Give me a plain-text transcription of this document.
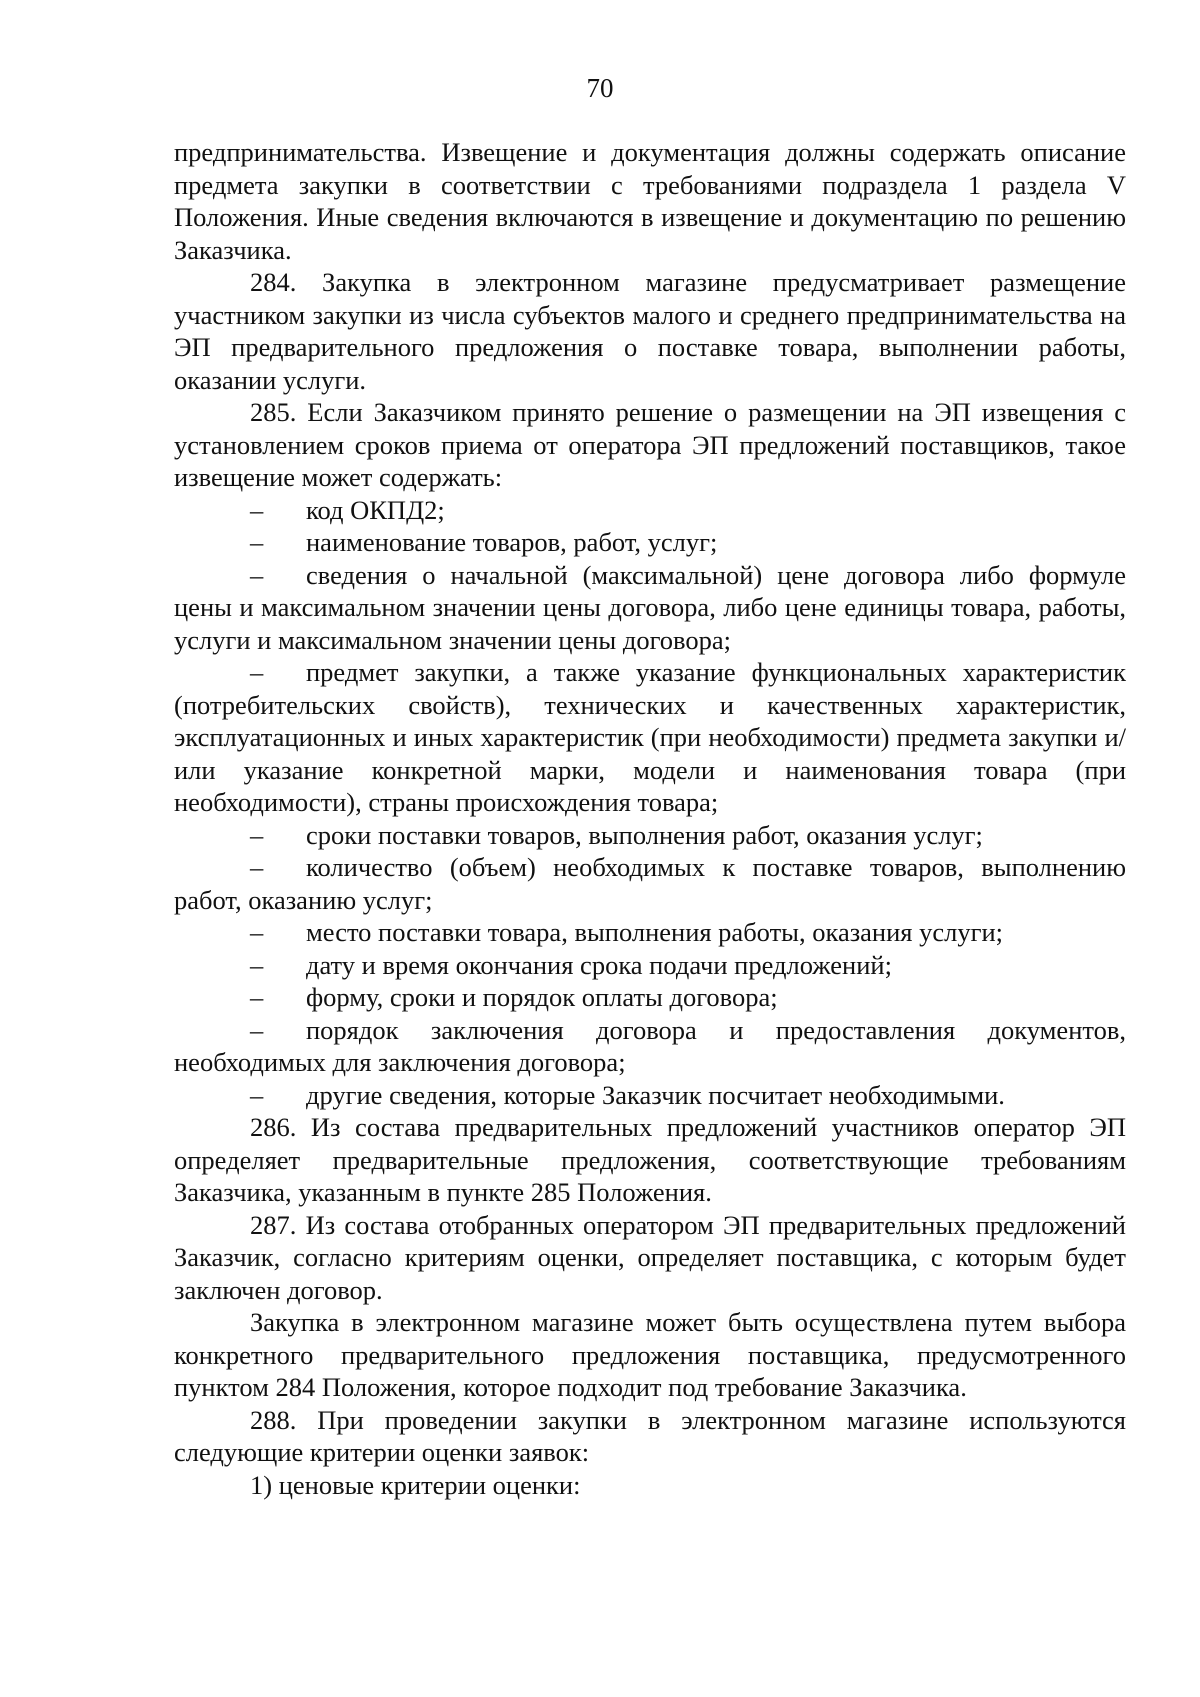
70

предпринимательства. Извещение и документация должны содержать описание предмета закупки в соответствии с требованиями подраздела 1 раздела V Положения. Иные сведения включаются в извещение и документацию по решению Заказчика.

284. Закупка в электронном магазине предусматривает размещение участником закупки из числа субъектов малого и среднего предпринимательства на ЭП предварительного предложения о поставке товара, выполнении работы, оказании услуги.

285. Если Заказчиком принято решение о размещении на ЭП извещения с установлением сроков приема от оператора ЭП предложений поставщиков, такое извещение может содержать:

– код ОКПД2;

– наименование товаров, работ, услуг;

– сведения о начальной (максимальной) цене договора либо формуле цены и максимальном значении цены договора, либо цене единицы товара, работы, услуги и максимальном значении цены договора;

– предмет закупки, а также указание функциональных характеристик (потребительских свойств), технических и качественных характеристик, эксплуатационных и иных характеристик (при необходимости) предмета закупки и/или указание конкретной марки, модели и наименования товара (при необходимости), страны происхождения товара;

– сроки поставки товаров, выполнения работ, оказания услуг;

– количество (объем) необходимых к поставке товаров, выполнению работ, оказанию услуг;

– место поставки товара, выполнения работы, оказания услуги;

– дату и время окончания срока подачи предложений;

– форму, сроки и порядок оплаты договора;

– порядок заключения договора и предоставления документов, необходимых для заключения договора;

– другие сведения, которые Заказчик посчитает необходимыми.

286. Из состава предварительных предложений участников оператор ЭП определяет предварительные предложения, соответствующие требованиям Заказчика, указанным в пункте 285 Положения.

287. Из состава отобранных оператором ЭП предварительных предложений Заказчик, согласно критериям оценки, определяет поставщика, с которым будет заключен договор.

Закупка в электронном магазине может быть осуществлена путем выбора конкретного предварительного предложения поставщика, предусмотренного пунктом 284 Положения, которое подходит под требование Заказчика.

288. При проведении закупки в электронном магазине используются следующие критерии оценки заявок:

1) ценовые критерии оценки:
